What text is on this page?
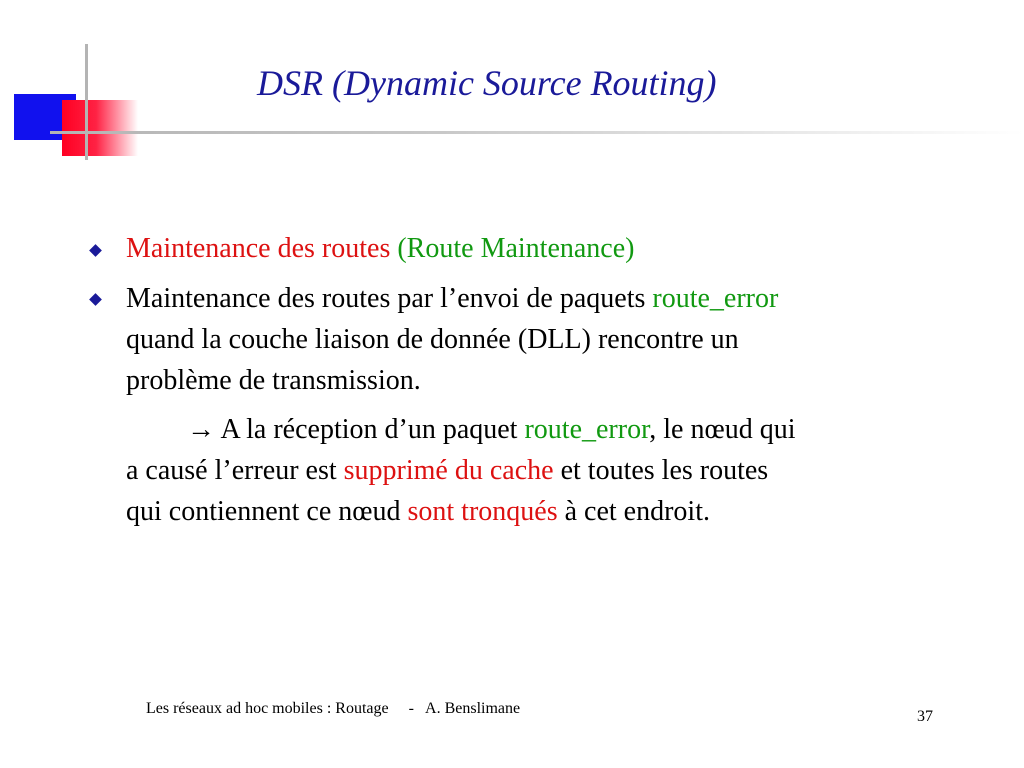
DSR (Dynamic Source Routing)
Maintenance des routes (Route Maintenance)
Maintenance des routes par l’envoi de paquets route_error
quand la couche liaison de donnée (DLL) rencontre un
problème de transmission.
→ A la réception d’un paquet route_error, le nœud qui
a causé l’erreur est supprimé du cache et toutes les routes
qui contiennent ce nœud sont tronqués à cet endroit.
Les réseaux ad hoc mobiles : Routage     -   A. Benslimane	37
